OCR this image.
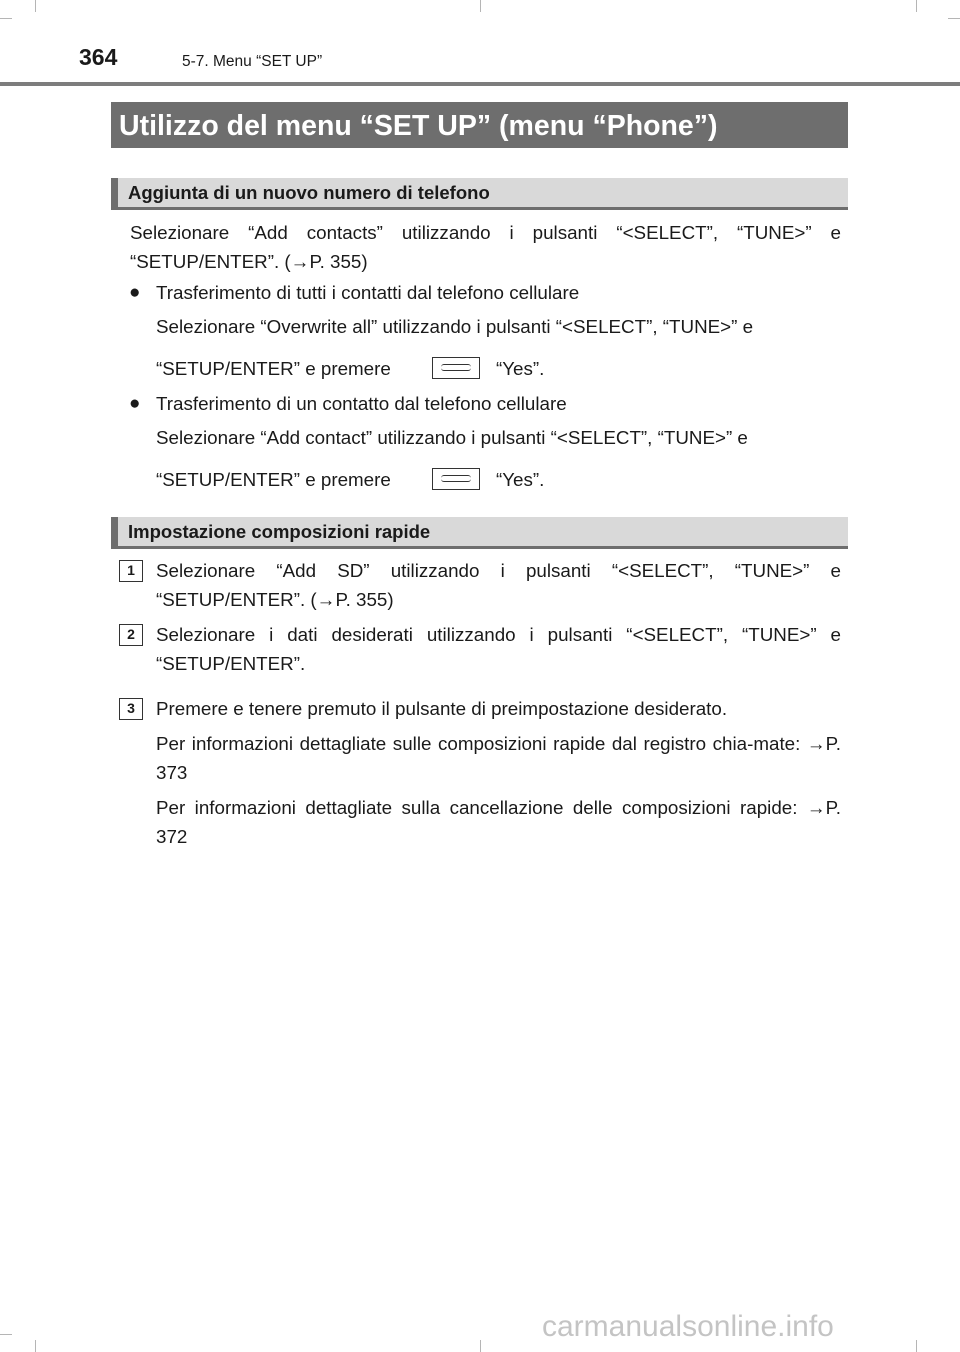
364	5-7. Menu “SET UP”
Utilizzo del menu “SET UP” (menu “Phone”)
Aggiunta di un nuovo numero di telefono
Selezionare “Add contacts” utilizzando i pulsanti “<SELECT”, “TUNE>” e “SETUP/ENTER”. (→P. 355)
● Trasferimento di tutti i contatti dal telefono cellulare
Selezionare “Overwrite all” utilizzando i pulsanti “<SELECT”, “TUNE>” e
“SETUP/ENTER” e premere	“Yes”.
● Trasferimento di un contatto dal telefono cellulare
Selezionare “Add contact” utilizzando i pulsanti “<SELECT”, “TUNE>” e
“SETUP/ENTER” e premere	“Yes”.
Impostazione composizioni rapide
1	Selezionare “Add SD” utilizzando i pulsanti “<SELECT”, “TUNE>” e “SETUP/ENTER”. (→P. 355)
2	Selezionare i dati desiderati utilizzando i pulsanti “<SELECT”, “TUNE>” e “SETUP/ENTER”.
3	Premere e tenere premuto il pulsante di preimpostazione desiderato.
Per informazioni dettagliate sulle composizioni rapide dal registro chia-mate: →P. 373
Per informazioni dettagliate sulla cancellazione delle composizioni rapide: →P. 372
carmanualsonline.info
